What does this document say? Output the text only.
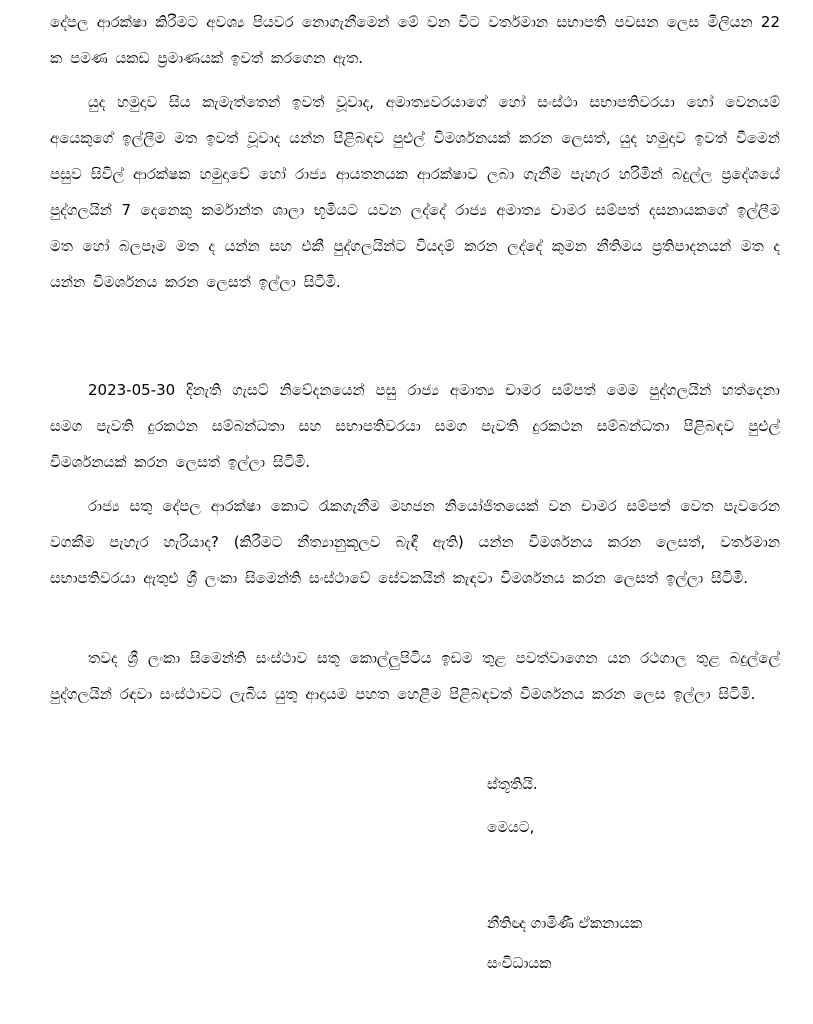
දේපල ආරක්ෂා කිරීමට අවශ්‍ය පියවර නොගැනීමෙන් මේ වන විට වර්තමාන සභාපති පවසන ලෙස මිලියන 22 ක පමණ යකඩ ප්‍රමාණයක් ඉවත් කරගෙන ඇත.

යුද හමුදාව සිය කැමැත්තෙන් ඉවත් වූවාද, අමාත්‍යවරයාගේ හෝ සංස්ථා සභාපතිවරයා හෝ වෙනයම් අයෙකුගේ ඉල්ලීම මත ඉවත් වූවාද යන්න පිළිබඳව පුළුල් විමර්ශනයක් කරන ලෙසත්, යුද හමුදාව ඉවත් වීමෙන් පසුව සිවිල් ආරක්ෂක හමුදාවේ හෝ රාජ්‍ය ආයතනයක ආරක්ෂාව ලබා ගැනීම පැහැර හරිමින් බදුල්ල ප්‍රදේශයේ පුද්ගලයින් 7 දෙනෙකු කර්මාන්ත ශාලා භූමියට යවන ලද්දේ රාජ්‍ය අමාත්‍ය චාමර සම්පත් දසනායකගේ ඉල්ලීම මත හෝ බලපෑම මත ද යන්න සහ එකී පුද්ගලයින්ට වියදම් කරන ලද්දේ කුමන නීතිමය ප්‍රතිපාදනයන් මත ද යන්න විමර්ශනය කරන ලෙසත් ඉල්ලා සිටිමි.

2023-05-30 දිනැති ගැසට් නිවේදනයෙන් පසු රාජ්‍ය අමාත්‍ය චාමර සම්පත් මෙම පුද්ගලයින් හත්දෙනා සමග පැවති දුරකථන සම්බන්ධතා සහ සභාපතිවරයා සමග පැවති දුරකථන සම්බන්ධතා පිළිබඳව පුළුල් විමර්ශනයක් කරන ලෙසත් ඉල්ලා සිටිමි.

රාජ්‍ය සතු දේපල ආරක්ෂා කොට රැකගැනීම මහජන නියෝජිතයෙක් වන චාමර සම්පත් වෙත පැවරෙන වගකීම පැහැර හැරියාද? (කිරීමට නීත්‍යානුකූලව බැඳී ඇති) යන්න විමර්ශනය කරන ලෙසත්, වර්තමාන සභාපතිවරයා ඇතුළු ශ්‍රී ලංකා සිමෙන්ති සංස්ථාවේ සේවකයින් කැඳවා විමර්ශනය කරන ලෙසත් ඉල්ලා සිටිමි.

තවද ශ්‍රී ලංකා සිමෙන්ති සංස්ථාව සතු කොල්ලුපිටිය ඉඩම තුළ පවත්වාගෙන යන රථගාල තුළ බදුල්ලේ පුද්ගලයින් රඳවා සංස්ථාවට ලැබිය යුතු ආදායම පහත හෙළීම පිළිබඳවත් විමර්ශනය කරන ලෙස ඉල්ලා සිටිමි.

ස්තූතියි.

මෙයට,

නීතිඥ ගාමිණී ඒකනායක

සංවිධායක
